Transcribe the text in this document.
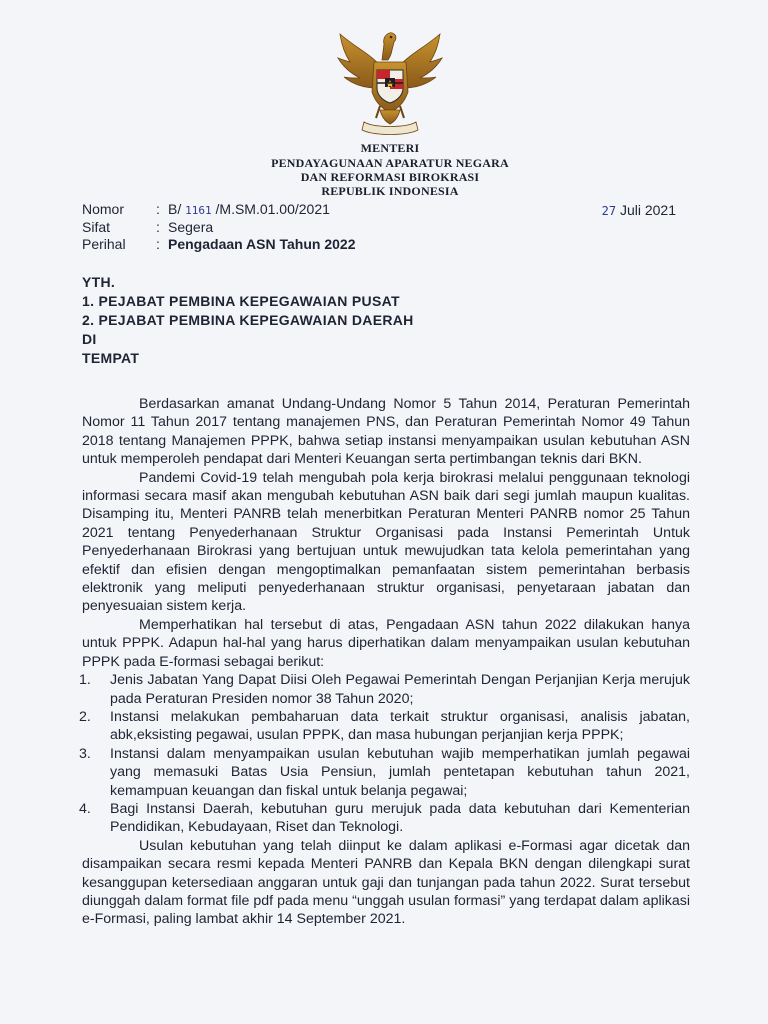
MENTERI
PENDAYAGUNAAN APARATUR NEGARA
DAN REFORMASI BIROKRASI
REPUBLIK INDONESIA
Nomor : B/ 1161 /M.SM.01.00/2021
Sifat	: Segera
Perihal : Pengadaan ASN Tahun 2022
27 Juli 2021
YTH.
1. PEJABAT PEMBINA KEPEGAWAIAN PUSAT
2. PEJABAT PEMBINA KEPEGAWAIAN DAERAH
DI
TEMPAT

Berdasarkan amanat Undang-Undang Nomor 5 Tahun 2014, Peraturan Pemerintah Nomor 11 Tahun 2017 tentang manajemen PNS, dan Peraturan Pemerintah Nomor 49 Tahun 2018 tentang Manajemen PPPK, bahwa setiap instansi menyampaikan usulan kebutuhan ASN untuk memperoleh pendapat dari Menteri Keuangan serta pertimbangan teknis dari BKN.

Pandemi Covid-19 telah mengubah pola kerja birokrasi melalui penggunaan teknologi informasi secara masif akan mengubah kebutuhan ASN baik dari segi jumlah maupun kualitas. Disamping itu, Menteri PANRB telah menerbitkan Peraturan Menteri PANRB nomor 25 Tahun 2021 tentang Penyederhanaan Struktur Organisasi pada Instansi Pemerintah Untuk Penyederhanaan Birokrasi yang bertujuan untuk mewujudkan tata kelola pemerintahan yang efektif dan efisien dengan mengoptimalkan pemanfaatan sistem pemerintahan berbasis elektronik yang meliputi penyederhanaan struktur organisasi, penyetaraan jabatan dan penyesuaian sistem kerja.

Memperhatikan hal tersebut di atas, Pengadaan ASN tahun 2022 dilakukan hanya untuk PPPK. Adapun hal-hal yang harus diperhatikan dalam menyampaikan usulan kebutuhan PPPK pada E-formasi sebagai berikut:

1. Jenis Jabatan Yang Dapat Diisi Oleh Pegawai Pemerintah Dengan Perjanjian Kerja merujuk pada Peraturan Presiden nomor 38 Tahun 2020;
2. Instansi melakukan pembaharuan data terkait struktur organisasi, analisis jabatan, abk,eksisting pegawai, usulan PPPK, dan masa hubungan perjanjian kerja PPPK;
3. Instansi dalam menyampaikan usulan kebutuhan wajib memperhatikan jumlah pegawai yang memasuki Batas Usia Pensiun, jumlah pentetapan kebutuhan tahun 2021, kemampuan keuangan dan fiskal untuk belanja pegawai;
4. Bagi Instansi Daerah, kebutuhan guru merujuk pada data kebutuhan dari Kementerian Pendidikan, Kebudayaan, Riset dan Teknologi.

Usulan kebutuhan yang telah diinput ke dalam aplikasi e-Formasi agar dicetak dan disampaikan secara resmi kepada Menteri PANRB dan Kepala BKN dengan dilengkapi surat kesanggupan ketersediaan anggaran untuk gaji dan tunjangan pada tahun 2022. Surat tersebut diunggah dalam format file pdf pada menu “unggah usulan formasi” yang terdapat dalam aplikasi e-Formasi, paling lambat akhir 14 September 2021.
